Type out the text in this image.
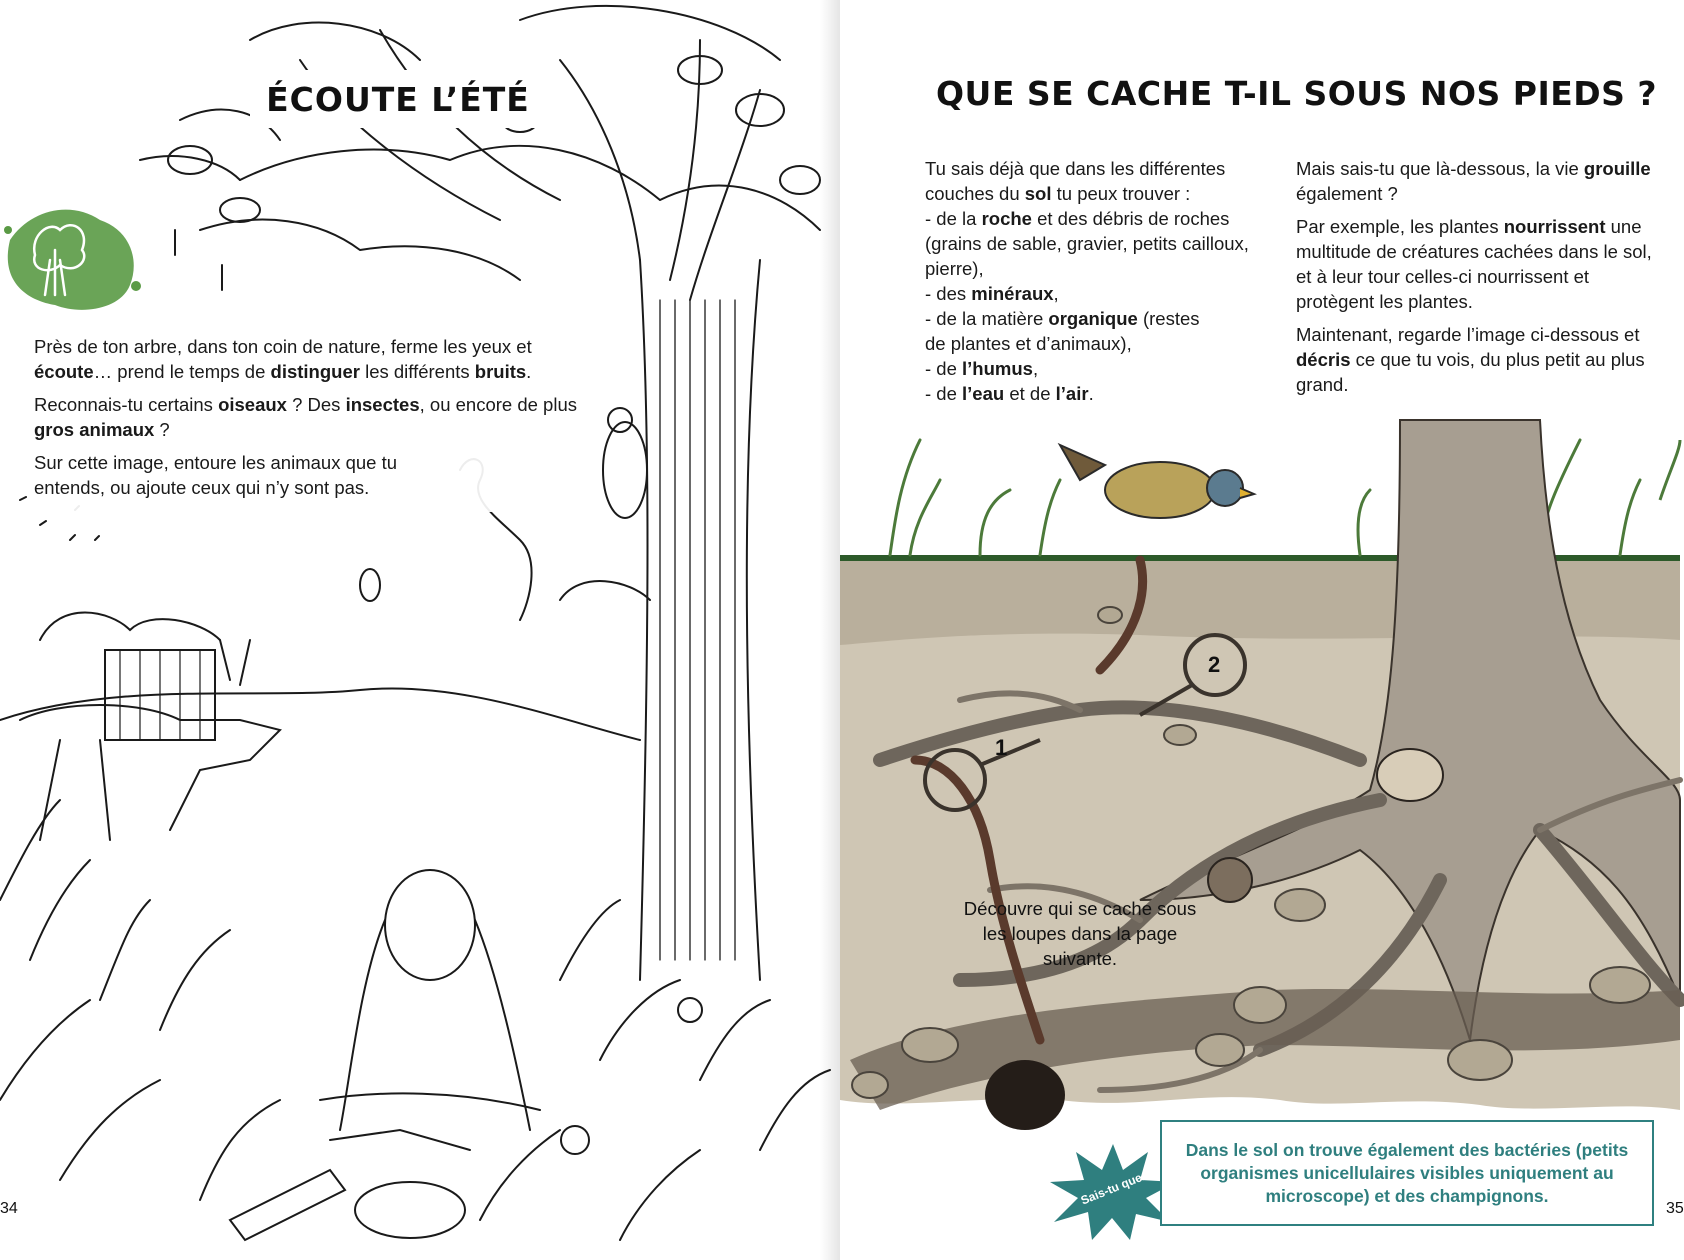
ÉCOUTE L’ÉTÉ

Près de ton arbre, dans ton coin de nature, ferme les yeux et écoute… prend le temps de distinguer les différents bruits.

Reconnais-tu certains oiseaux ? Des insectes, ou encore de plus gros animaux ?

Sur cette image, entoure les animaux que tu entends, ou ajoute ceux qui n’y sont pas.

34
1
2
QUE SE CACHE T-IL SOUS NOS PIEDS ?
Tu sais déjà que dans les différentes
couches du sol tu peux trouver :
- de la roche et des débris de roches
(grains de sable, gravier, petits cailloux,
pierre),
- des minéraux,
- de la matière organique (restes
de plantes et d’animaux),
- de l’humus,
- de l’eau et de l’air.

Mais sais-tu que là-dessous, la vie grouille également ?

Par exemple, les plantes nourrissent une multitude de créatures cachées dans le sol, et à leur tour celles-ci nourrissent et protègent les plantes.

Maintenant, regarde l’image ci-dessous et décris ce que tu vois, du plus petit au plus grand.

Découvre qui se cache sous les loupes dans la page suivante.
Sais-tu que...
Dans le sol on trouve également des bactéries (petits organismes unicellulaires visibles uniquement au microscope) et des champignons.
35
